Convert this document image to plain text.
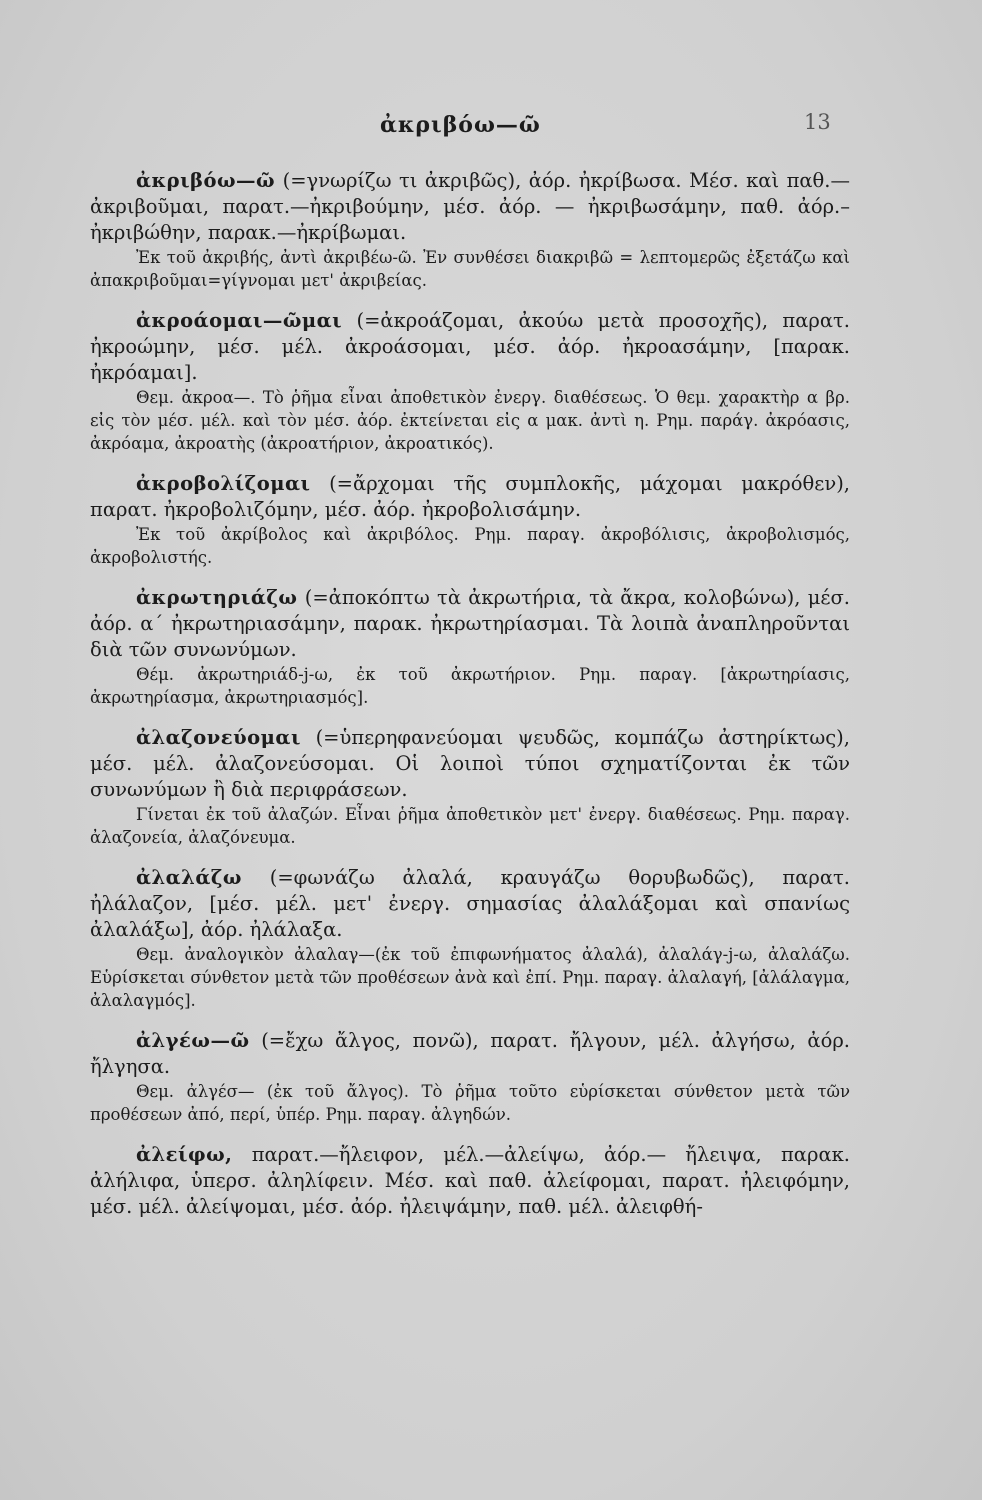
ἀκριβόω—ῶ	13

ἀκριβόω—ῶ (=γνωρίζω τι ἀκριβῶς), ἀόρ. ἠκρίβωσα. Μέσ. καὶ παθ.—ἀκριβοῦμαι, παρατ.—ἠκριβούμην, μέσ. ἀόρ. — ἠκριβωσάμην, παθ. ἀόρ.– ἠκριβώθην, παρακ.—ἠκρίβωμαι.

Ἐκ τοῦ ἀκριβής, ἀντὶ ἀκριβέω-ῶ. Ἐν συνθέσει διακριβῶ = λεπτομερῶς ἐξετάζω καὶ ἀπακριβοῦμαι=γίγνομαι μετ' ἀκριβείας.

ἀκροάομαι—ῶμαι (=ἀκροάζομαι, ἀκούω μετὰ προσοχῆς), παρατ. ἠκρoώμην, μέσ. μέλ. ἀκροάσομαι, μέσ. ἀόρ. ἠκροασάμην, [παρακ. ἠκρόαμαι].

Θεμ. ἀκροα—. Τὸ ῥῆμα εἶναι ἀποθετικὸν ἐνεργ. διαθέσεως. Ὁ θεμ. χαρακτὴρ α βρ. εἰς τὸν μέσ. μέλ. καὶ τὸν μέσ. ἀόρ. ἐκτείνεται εἰς α μακ. ἀντὶ η. Ρημ. παράγ. ἀκρόασις, ἀκρόαμα, ἀκροατὴς (ἀκροατήριον, ἀκροατικός).

ἀκροβολίζομαι (=ἄρχομαι τῆς συμπλοκῆς, μάχομαι μακρόθεν), παρατ. ἠκροβολιζόμην, μέσ. ἀόρ. ἠκροβολισάμην.

Ἐκ τοῦ ἀκρίβολος καὶ ἀκριβόλος. Ρημ. παραγ. ἀκροβόλισις, ἀκροβολισμός, ἀκροβολιστής.

ἀκρωτηριάζω (=ἀποκόπτω τὰ ἀκρωτήρια, τὰ ἄκρα, κολοβώνω), μέσ. ἀόρ. α΄ ἠκρωτηριασάμην, παρακ. ἠκρωτηρίασμαι. Τὰ λοιπὰ ἀναπληροῦνται διὰ τῶν συνωνύμων.

Θέμ. ἀκρωτηριάδ-j-ω, ἐκ τοῦ ἀκρωτήριον. Ρημ. παραγ. [ἀκρωτηρίασις, ἀκρωτηρίασμα, ἀκρωτηριασμός].

ἀλαζονεύομαι (=ὑπερηφανεύομαι ψευδῶς, κομπάζω ἀστηρίκτως), μέσ. μέλ. ἀλαζονεύσομαι. Οἱ λοιποὶ τύποι σχηματίζονται ἐκ τῶν συνωνύμων ἢ διὰ περιφράσεων.

Γίνεται ἐκ τοῦ ἀλαζών. Εἶναι ῥῆμα ἀποθετικὸν μετ' ἐνεργ. διαθέσεως. Ρημ. παραγ. ἀλαζονεία, ἀλαζόνευμα.

ἀλαλάζω (=φωνάζω ἀλαλά, κραυγάζω θορυβωδῶς), παρατ. ἠλάλαζον, [μέσ. μέλ. μετ' ἐνεργ. σημασίας ἀλαλάξομαι καὶ σπανίως ἀλαλάξω], ἀόρ. ἠλάλαξα.

Θεμ. ἀναλογικὸν ἀλαλαγ—(ἐκ τοῦ ἐπιφωνήματος ἀλαλά), ἀλαλάγ-j-ω, ἀλαλάζω. Εὑρίσκεται σύνθετον μετὰ τῶν προθέσεων ἀνὰ καὶ ἐπί. Ρημ. παραγ. ἀλαλαγή, [ἀλάλαγμα, ἀλαλαγμός].

ἀλγέω—ῶ (=ἔχω ἄλγος, πονῶ), παρατ. ἤλγουν, μέλ. ἀλγήσω, ἀόρ. ἤλγησα.

Θεμ. ἀλγέσ— (ἐκ τοῦ ἄλγος). Τὸ ῥῆμα τοῦτο εὑρίσκεται σύνθετον μετὰ τῶν προθέσεων ἀπό, περί, ὑπέρ. Ρημ. παραγ. ἀλγηδών.

ἀλείφω, παρατ.—ἤλειφον, μέλ.—ἀλείψω, ἀόρ.— ἤλειψα, παρακ. ἀλήλιφα, ὑπερσ. ἀληλίφειν. Μέσ. καὶ παθ. ἀλείφομαι, παρατ. ἠλειφόμην, μέσ. μέλ. ἀλείψομαι, μέσ. ἀόρ. ἠλειψάμην, παθ. μέλ. ἀλειφθή-
